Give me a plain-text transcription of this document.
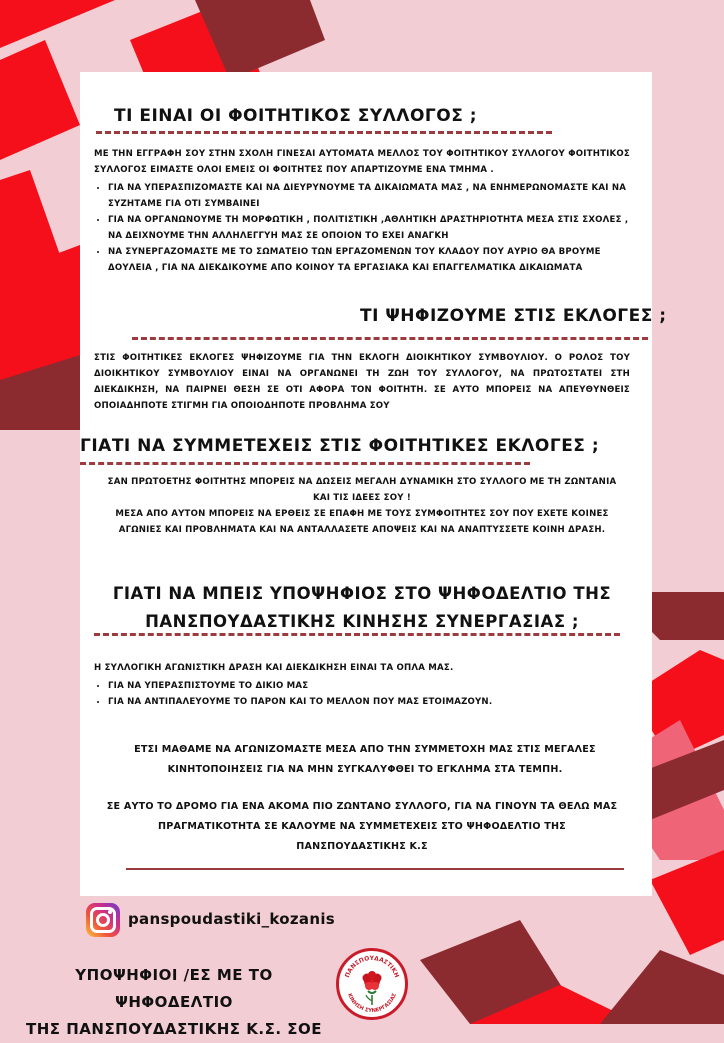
ΤΙ ΕΙΝΑΙ ΟΙ ΦΟΙΤΗΤΙΚΟΣ ΣΥΛΛΟΓΟΣ ;

ΜΕ ΤΗΝ ΕΓΓΡΑΦΗ ΣΟΥ ΣΤΗΝ ΣΧΟΛΗ ΓΙΝΕΣΑΙ ΑΥΤΟΜΑΤΑ ΜΕΛΛΟΣ ΤΟΥ ΦΟΙΤΗΤΙΚΟΥ ΣΥΛΛΟΓΟΥ ΦΟΙΤΗΤΙΚΟΣ ΣΥΛΛΟΓΟΣ ΕΙΜΑΣΤΕ ΟΛΟΙ ΕΜΕΙΣ ΟΙ ΦΟΙΤΗΤΕΣ ΠΟΥ ΑΠΑΡΤΙΖΟΥΜΕ ΕΝΑ ΤΜΗΜΑ .

• ΓΙΑ ΝΑ ΥΠΕΡΑΣΠΙΖΟΜΑΣΤΕ ΚΑΙ ΝΑ ΔΙΕΥΡΥΝΟΥΜΕ ΤΑ ΔΙΚΑΙΩΜΑΤΑ ΜΑΣ , ΝΑ ΕΝΗΜΕΡΩΝΟΜΑΣΤΕ ΚΑΙ ΝΑ ΣΥΖΗΤΑΜΕ ΓΙΑ ΟΤΙ ΣΥΜΒΑΙΝΕΙ
• ΓΙΑ ΝΑ ΟΡΓΑΝΩΝΟΥΜΕ ΤΗ ΜΟΡΦΩΤΙΚΗ , ΠΟΛΙΤΙΣΤΙΚΗ ,ΑΘΛΗΤΙΚΗ ΔΡΑΣΤΗΡΙΟΤΗΤΑ ΜΕΣΑ ΣΤΙΣ ΣΧΟΛΕΣ , ΝΑ ΔΕΙΧΝΟΥΜΕ ΤΗΝ ΑΛΛΗΛΕΓΓΥΗ ΜΑΣ ΣΕ ΟΠΟΙΟΝ ΤΟ ΕΧΕΙ ΑΝΑΓΚΗ
• ΝΑ ΣΥΝΕΡΓΑΖΟΜΑΣΤΕ ΜΕ ΤΟ ΣΩΜΑΤΕΙΟ ΤΩΝ ΕΡΓΑΖΟΜΕΝΩΝ ΤΟΥ ΚΛΑΔΟΥ ΠΟΥ ΑΥΡΙΟ ΘΑ ΒΡΟΥΜΕ ΔΟΥΛΕΙΑ , ΓΙΑ ΝΑ ΔΙΕΚΔΙΚΟΥΜΕ ΑΠΟ ΚΟΙΝΟΥ ΤΑ ΕΡΓΑΣΙΑΚΑ ΚΑΙ ΕΠΑΓΓΕΛΜΑΤΙΚΑ ΔΙΚΑΙΩΜΑΤΑ
ΤΙ ΨΗΦΙΖΟΥΜΕ ΣΤΙΣ ΕΚΛΟΓΕΣ ;
ΣΤΙΣ ΦΟΙΤΗΤΙΚΕΣ ΕΚΛΟΓΕΣ ΨΗΦΙΖΟΥΜΕ ΓΙΑ ΤΗΝ ΕΚΛΟΓΗ ΔΙΟΙΚΗΤΙΚΟΥ ΣΥΜΒΟΥΛΙΟΥ. Ο ΡΟΛΟΣ ΤΟΥ ΔΙΟΙΚΗΤΙΚΟΥ ΣΥΜΒΟΥΛΙΟΥ ΕΙΝΑΙ ΝΑ ΟΡΓΑΝΩΝΕΙ ΤΗ ΖΩΗ ΤΟΥ ΣΥΛΛΟΓΟΥ, ΝΑ ΠΡΩΤΟΣΤΑΤΕΙ ΣΤΗ ΔΙΕΚΔΙΚΗΣΗ, ΝΑ ΠΑΙΡΝΕΙ ΘΕΣΗ ΣΕ ΟΤΙ ΑΦΟΡΑ ΤΟΝ ΦΟΙΤΗΤΗ. ΣΕ ΑΥΤΟ ΜΠΟΡΕΙΣ ΝΑ ΑΠΕΥΘΥΝΘΕΙΣ ΟΠΟΙΑΔΗΠΟΤΕ ΣΤΙΓΜΗ ΓΙΑ ΟΠΟΙΟΔΗΠΟΤΕ ΠΡΟΒΛΗΜΑ ΣΟΥ
ΓΙΑΤΙ ΝΑ ΣΥΜΜΕΤΕΧΕΙΣ ΣΤΙΣ ΦΟΙΤΗΤΙΚΕΣ ΕΚΛΟΓΕΣ ;

ΣΑΝ ΠΡΩΤΟΕΤΗΣ ΦΟΙΤΗΤΗΣ ΜΠΟΡΕΙΣ ΝΑ ΔΩΣΕΙΣ ΜΕΓΑΛΗ ΔΥΝΑΜΙΚΗ ΣΤΟ ΣΥΛΛΟΓΟ ΜΕ ΤΗ ΖΩΝΤΑΝΙΑ ΚΑΙ ΤΙΣ ΙΔΕΕΣ ΣΟΥ !

ΜΕΣΑ ΑΠΟ ΑΥΤΟΝ ΜΠΟΡΕΙΣ ΝΑ ΕΡΘΕΙΣ ΣΕ ΕΠΑΦΗ ΜΕ ΤΟΥΣ ΣΥΜΦΟΙΤΗΤΕΣ ΣΟΥ ΠΟΥ ΕΧΕΤΕ ΚΟΙΝΕΣ ΑΓΩΝΙΕΣ ΚΑΙ ΠΡΟΒΛΗΜΑΤΑ ΚΑΙ ΝΑ ΑΝΤΑΛΛΑΣΕΤΕ ΑΠΟΨΕΙΣ ΚΑΙ ΝΑ ΑΝΑΠΤΥΣΣΕΤΕ ΚΟΙΝΗ ΔΡΑΣΗ.

ΓΙΑΤΙ ΝΑ ΜΠΕΙΣ ΥΠΟΨΗΦΙΟΣ ΣΤΟ ΨΗΦΟΔΕΛΤΙΟ ΤΗΣ
ΠΑΝΣΠΟΥΔΑΣΤΙΚΗΣ ΚΙΝΗΣΗΣ ΣΥΝΕΡΓΑΣΙΑΣ ;

Η ΣΥΛΛΟΓΙΚΗ ΑΓΩΝΙΣΤΙΚΗ ΔΡΑΣΗ ΚΑΙ ΔΙΕΚΔΙΚΗΣΗ ΕΙΝΑΙ ΤΑ ΟΠΛΑ ΜΑΣ.

• ΓΙΑ ΝΑ ΥΠΕΡΑΣΠΙΣΤΟΥΜΕ ΤΟ ΔΙΚΙΟ ΜΑΣ
• ΓΙΑ ΝΑ ΑΝΤΙΠΑΛΕΥΟΥΜΕ ΤΟ ΠΑΡΟΝ ΚΑΙ ΤΟ ΜΕΛΛΟΝ ΠΟΥ ΜΑΣ ΕΤΟΙΜΑΖΟΥΝ.
ΕΤΣΙ ΜΑΘΑΜΕ ΝΑ ΑΓΩΝΙΖΟΜΑΣΤΕ ΜΕΣΑ ΑΠΟ ΤΗΝ ΣΥΜΜΕΤΟΧΗ ΜΑΣ ΣΤΙΣ ΜΕΓΑΛΕΣ ΚΙΝΗΤΟΠΟΙΗΣΕΙΣ ΓΙΑ ΝΑ ΜΗΝ ΣΥΓΚΑΛΥΦΘΕΙ ΤΟ ΕΓΚΛΗΜΑ ΣΤΑ ΤΕΜΠΗ.
ΣΕ ΑΥΤΟ ΤΟ ΔΡΟΜΟ ΓΙΑ ΕΝΑ ΑΚΟΜΑ ΠΙΟ ΖΩΝΤΑΝΟ ΣΥΛΛΟΓΟ, ΓΙΑ ΝΑ ΓΙΝΟΥΝ ΤΑ ΘΕΛΩ ΜΑΣ ΠΡΑΓΜΑΤΙΚΟΤΗΤΑ ΣΕ ΚΑΛΟΥΜΕ ΝΑ ΣΥΜΜΕΤΕΧΕΙΣ ΣΤΟ ΨΗΦΟΔΕΛΤΙΟ ΤΗΣ ΠΑΝΣΠΟΥΔΑΣΤΙΚΗΣ Κ.Σ
panspoudastiki_kozanis
ΥΠΟΨΗΦΙΟΙ /ΕΣ ΜΕ ΤΟ ΨΗΦΟΔΕΛΤΙΟ
ΤΗΣ ΠΑΝΣΠΟΥΔΑΣΤΙΚΗΣ Κ.Σ. ΣΟΕ
ΠΑΝΣΠΟΥΔΑΣΤΙΚΗ
ΚΙΝΗΣΗ ΣΥΝΕΡΓΑΣΙΑΣ
